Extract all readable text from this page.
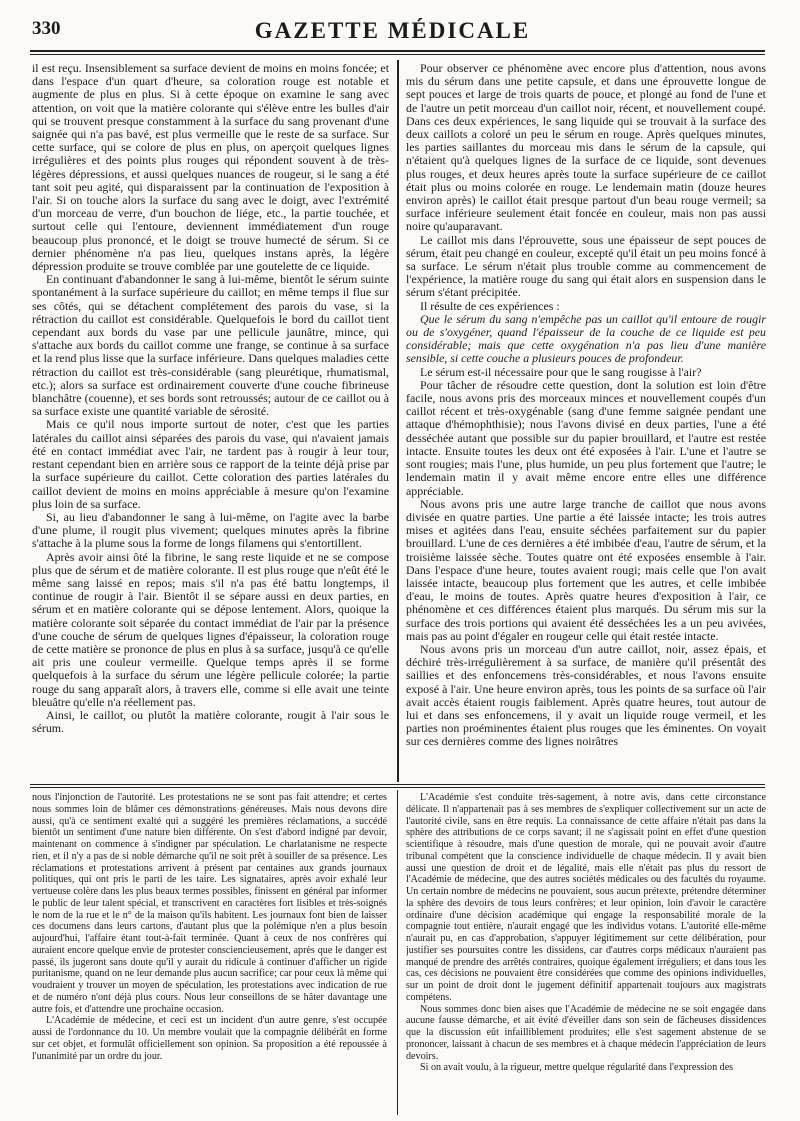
330	GAZETTE MÉDICALE

il est reçu. Insensiblement sa surface devient de moins en moins foncée; et dans l'espace d'un quart d'heure, sa coloration rouge est notable et augmente de plus en plus. Si à cette époque on examine le sang avec attention, on voit que la matière colorante qui s'élève entre les bulles d'air qui se trouvent presque constamment à la surface du sang provenant d'une saignée qui n'a pas bavé, est plus vermeille que le reste de sa surface. Sur cette surface, qui se colore de plus en plus, on aperçoit quelques lignes irrégulières et des points plus rouges qui répondent souvent à de très-légères dépressions, et aussi quelques nuances de rougeur, si le sang a été tant soit peu agité, qui disparaissent par la continuation de l'exposition à l'air. Si on touche alors la surface du sang avec le doigt, avec l'extrémité d'un morceau de verre, d'un bouchon de liége, etc., la partie touchée, et surtout celle qui l'entoure, deviennent immédiatement d'un rouge beaucoup plus prononcé, et le doigt se trouve humecté de sérum. Si ce dernier phénomène n'a pas lieu, quelques instans après, la légère dépression produite se trouve comblée par une goutelette de ce liquide.

En continuant d'abandonner le sang à lui-même, bientôt le sérum suinte spontanément à la surface supérieure du caillot; en même temps il flue sur ses côtés, qui se détachent complétement des parois du vase, si la rétraction du caillot est considérable. Quelquefois le bord du caillot tient cependant aux bords du vase par une pellicule jaunâtre, mince, qui s'attache aux bords du caillot comme une frange, se continue à sa surface et la rend plus lisse que la surface inférieure. Dans quelques maladies cette rétraction du caillot est très-considérable (sang pleurétique, rhumatismal, etc.); alors sa surface est ordinairement couverte d'une couche fibrineuse blanchâtre (couenne), et ses bords sont retroussés; autour de ce caillot ou à sa surface existe une quantité variable de sérosité.

Mais ce qu'il nous importe surtout de noter, c'est que les parties latérales du caillot ainsi séparées des parois du vase, qui n'avaient jamais été en contact immédiat avec l'air, ne tardent pas à rougir à leur tour, restant cependant bien en arrière sous ce rapport de la teinte déjà prise par la surface supérieure du caillot. Cette coloration des parties latérales du caillot devient de moins en moins appréciable à mesure qu'on l'examine plus loin de sa surface.

Si, au lieu d'abandonner le sang à lui-même, on l'agite avec la barbe d'une plume, il rougit plus vivement; quelques minutes après la fibrine s'attache à la plume sous la forme de longs filamens qui s'entortillent.

Après avoir ainsi ôté la fibrine, le sang reste liquide et ne se compose plus que de sérum et de matière colorante. Il est plus rouge que n'eût été le même sang laissé en repos; mais s'il n'a pas été battu longtemps, il continue de rougir à l'air. Bientôt il se sépare aussi en deux parties, en sérum et en matière colorante qui se dépose lentement. Alors, quoique la matière colorante soit séparée du contact immédiat de l'air par la présence d'une couche de sérum de quelques lignes d'épaisseur, la coloration rouge de cette matière se prononce de plus en plus à sa surface, jusqu'à ce qu'elle ait pris une couleur vermeille. Quelque temps après il se forme quelquefois à la surface du sérum une légère pellicule colorée; la partie rouge du sang apparaît alors, à travers elle, comme si elle avait une teinte bleuâtre qu'elle n'a réellement pas.

Ainsi, le caillot, ou plutôt la matière colorante, rougit à l'air sous le sérum.

Pour observer ce phénomène avec encore plus d'attention, nous avons mis du sérum dans une petite capsule, et dans une éprouvette longue de sept pouces et large de trois quarts de pouce, et plongé au fond de l'une et de l'autre un petit morceau d'un caillot noir, récent, et nouvellement coupé. Dans ces deux expériences, le sang liquide qui se trouvait à la surface des deux caillots a coloré un peu le sérum en rouge. Après quelques minutes, les parties saillantes du morceau mis dans le sérum de la capsule, qui n'étaient qu'à quelques lignes de la surface de ce liquide, sont devenues plus rouges, et deux heures après toute la surface supérieure de ce caillot était plus ou moins colorée en rouge. Le lendemain matin (douze heures environ après) le caillot était presque partout d'un beau rouge vermeil; sa surface inférieure seulement était foncée en couleur, mais non pas aussi noire qu'auparavant.

Le caillot mis dans l'éprouvette, sous une épaisseur de sept pouces de sérum, était peu changé en couleur, excepté qu'il était un peu moins foncé à sa surface. Le sérum n'était plus trouble comme au commencement de l'expérience, la matière rouge du sang qui était alors en suspension dans le sérum s'étant précipitée.

Il résulte de ces expériences :

Que le sérum du sang n'empêche pas un caillot qu'il entoure de rougir ou de s'oxygéner, quand l'épaisseur de la couche de ce liquide est peu considérable; mais que cette oxygénation n'a pas lieu d'une manière sensible, si cette couche a plusieurs pouces de profondeur.

Le sérum est-il nécessaire pour que le sang rougisse à l'air?

Pour tâcher de résoudre cette question, dont la solution est loin d'être facile, nous avons pris des morceaux minces et nouvellement coupés d'un caillot récent et très-oxygénable (sang d'une femme saignée pendant une attaque d'hémophthisie); nous l'avons divisé en deux parties, l'une a été desséchée autant que possible sur du papier brouillard, et l'autre est restée intacte. Ensuite toutes les deux ont été exposées à l'air. L'une et l'autre se sont rougies; mais l'une, plus humide, un peu plus fortement que l'autre; le lendemain matin il y avait même encore entre elles une différence appréciable.

Nous avons pris une autre large tranche de caillot que nous avons divisée en quatre parties. Une partie a été laissée intacte; les trois autres mises et agitées dans l'eau, ensuite séchées parfaitement sur du papier brouillard. L'une de ces dernières a été imbibée d'eau, l'autre de sérum, et la troisième laissée sèche. Toutes quatre ont été exposées ensemble à l'air. Dans l'espace d'une heure, toutes avaient rougi; mais celle que l'on avait laissée intacte, beaucoup plus fortement que les autres, et celle imbibée d'eau, le moins de toutes. Après quatre heures d'exposition à l'air, ce phénomène et ces différences étaient plus marqués. Du sérum mis sur la surface des trois portions qui avaient été desséchées les a un peu avivées, mais pas au point d'égaler en rougeur celle qui était restée intacte.

Nous avons pris un morceau d'un autre caillot, noir, assez épais, et déchiré très-irrégulièrement à sa surface, de manière qu'il présentât des saillies et des enfoncemens très-considérables, et nous l'avons ensuite exposé à l'air. Une heure environ après, tous les points de sa surface où l'air avait accès étaient rougis faiblement. Après quatre heures, tout autour de lui et dans ses enfoncemens, il y avait un liquide rouge vermeil, et les parties non proéminentes étaient plus rouges que les éminentes. On voyait sur ces dernières comme des lignes noirâtres

nous l'injonction de l'autorité. Les protestations ne se sont pas fait attendre; et certes nous sommes loin de blâmer ces démonstrations généreuses. Mais nous devons dire aussi, qu'à ce sentiment exalté qui a suggéré les premières réclamations, a succédé bientôt un sentiment d'une nature bien différente. On s'est d'abord indigné par devoir, maintenant on commence à s'indigner par spéculation. Le charlatanisme ne respecte rien, et il n'y a pas de si noble démarche qu'il ne soit prêt à souiller de sa présence. Les réclamations et protestations arrivent à présent par centaines aux grands journaux politiques, qui ont pris le parti de les taire. Les signataires, après avoir exhalé leur vertueuse colère dans les plus beaux termes possibles, finissent en général par informer le public de leur talent spécial, et transcrivent en caractères fort lisibles et très-soignés le nom de la rue et le n° de la maison qu'ils habitent. Les journaux font bien de laisser ces documens dans leurs cartons, d'autant plus que la polémique n'en a plus besoin aujourd'hui, l'affaire étant tout-à-fait terminée. Quant à ceux de nos confrères qui auraient encore quelque envie de protester consciencieusement, après que le danger est passé, ils jugeront sans doute qu'il y aurait du ridicule à continuer d'afficher un rigide puritanisme, quand on ne leur demande plus aucun sacrifice; car pour ceux là même qui voudraient y trouver un moyen de spéculation, les protestations avec indication de rue et de numéro n'ont déjà plus cours. Nous leur conseillons de se hâter davantage une autre fois, et d'attendre une prochaine occasion.

L'Académie de médecine, et ceci est un incident d'un autre genre, s'est occupée aussi de l'ordonnance du 10. Un membre voulait que la compagnie délibérât en forme sur cet objet, et formulât officiellement son opinion. Sa proposition a été repoussée à l'unanimité par un ordre du jour.

L'Académie s'est conduite très-sagement, à notre avis, dans cette circonstance délicate. Il n'appartenait pas à ses membres de s'expliquer collectivement sur un acte de l'autorité civile, sans en être requis. La connaissance de cette affaire n'était pas dans la sphère des attributions de ce corps savant; il ne s'agissait point en effet d'une question scientifique à résoudre, mais d'une question de morale, qui ne pouvait avoir d'autre tribunal compétent que la conscience individuelle de chaque médecin. Il y avait bien aussi une question de droit et de légalité, mais elle n'était pas plus du ressort de l'Académie de médecine, que des autres sociétés médicales ou des facultés du royaume. Un certain nombre de médecins ne pouvaient, sous aucun prétexte, prétendre déterminer la sphère des devoirs de tous leurs confrères; et leur opinion, loin d'avoir le caractère ordinaire d'une décision académique qui engage la responsabilité morale de la compagnie tout entière, n'aurait engagé que les individus votans. L'autorité elle-même n'aurait pu, en cas d'approbation, s'appuyer légitimement sur cette délibération, pour justifier ses poursuites contre les dissidens, car d'autres corps médicaux n'auraient pas manqué de prendre des arrêtés contraires, quoique également irréguliers; et dans tous les cas, ces décisions ne pouvaient être considérées que comme des opinions individuelles, sur un point de droit dont le jugement définitif appartenait toujours aux magistrats compétens.

Nous sommes donc bien aises que l'Académie de médecine ne se soit engagée dans aucune fausse démarche, et ait évité d'éveiller dans son sein de fâcheuses dissidences que la discussion eût infailliblement produites; elle s'est sagement abstenue de se prononcer, laissant à chacun de ses membres et à chaque médecin l'appréciation de leurs devoirs.

Si on avait voulu, à la rigueur, mettre quelque régularité dans l'expression des
